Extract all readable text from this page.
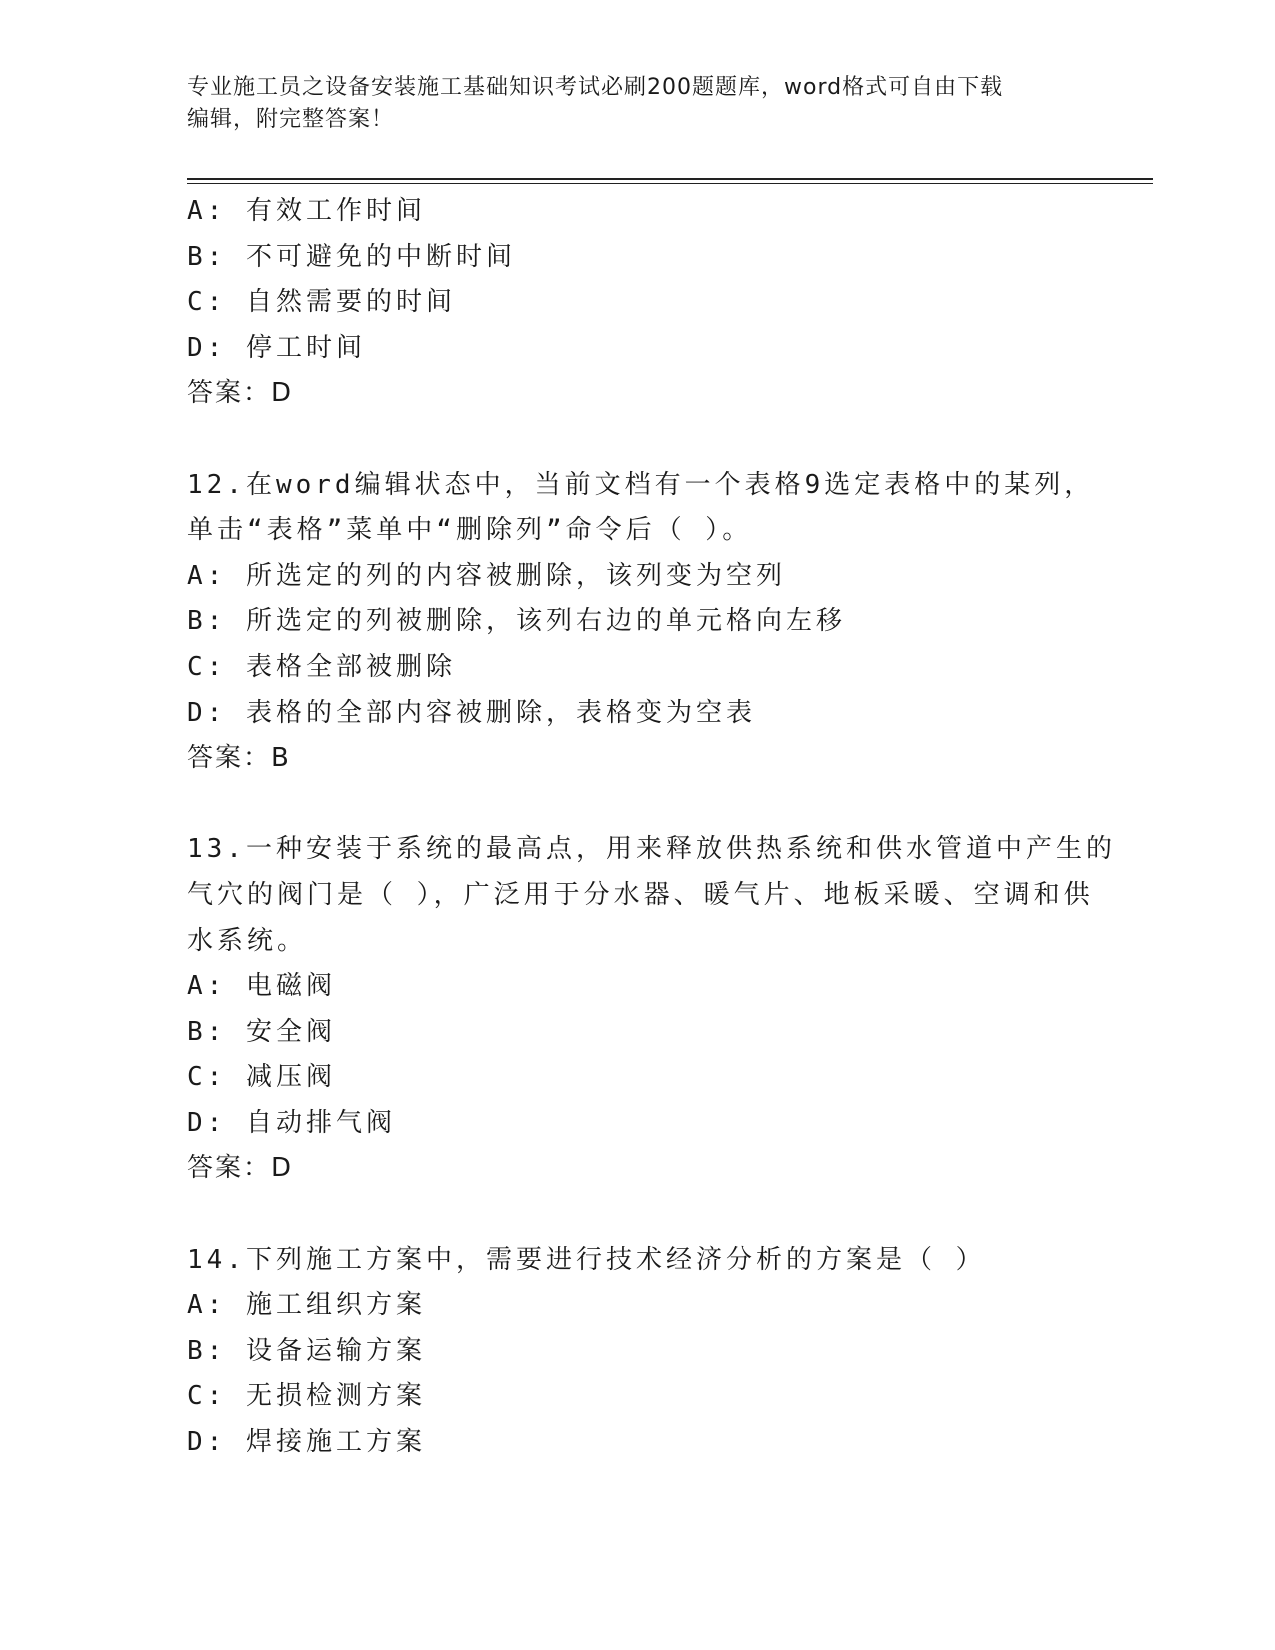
专业施工员之设备安装施工基础知识考试必刷200题题库，word格式可自由下载
编辑，附完整答案！
A: 有效工作时间
B: 不可避免的中断时间
C: 自然需要的时间
D: 停工时间
答案：D
12.在word编辑状态中，当前文档有一个表格9选定表格中的某列，
单击“表格”菜单中“删除列”命令后（ ）。
A: 所选定的列的内容被删除，该列变为空列
B: 所选定的列被删除，该列右边的单元格向左移
C: 表格全部被删除
D: 表格的全部内容被删除，表格变为空表
答案：B
13.一种安装于系统的最高点，用来释放供热系统和供水管道中产生的
气穴的阀门是（ ），广泛用于分水器、暖气片、地板采暖、空调和供
水系统。
A: 电磁阀
B: 安全阀
C: 减压阀
D: 自动排气阀
答案：D
14.下列施工方案中，需要进行技术经济分析的方案是（ ）
A: 施工组织方案
B: 设备运输方案
C: 无损检测方案
D: 焊接施工方案
